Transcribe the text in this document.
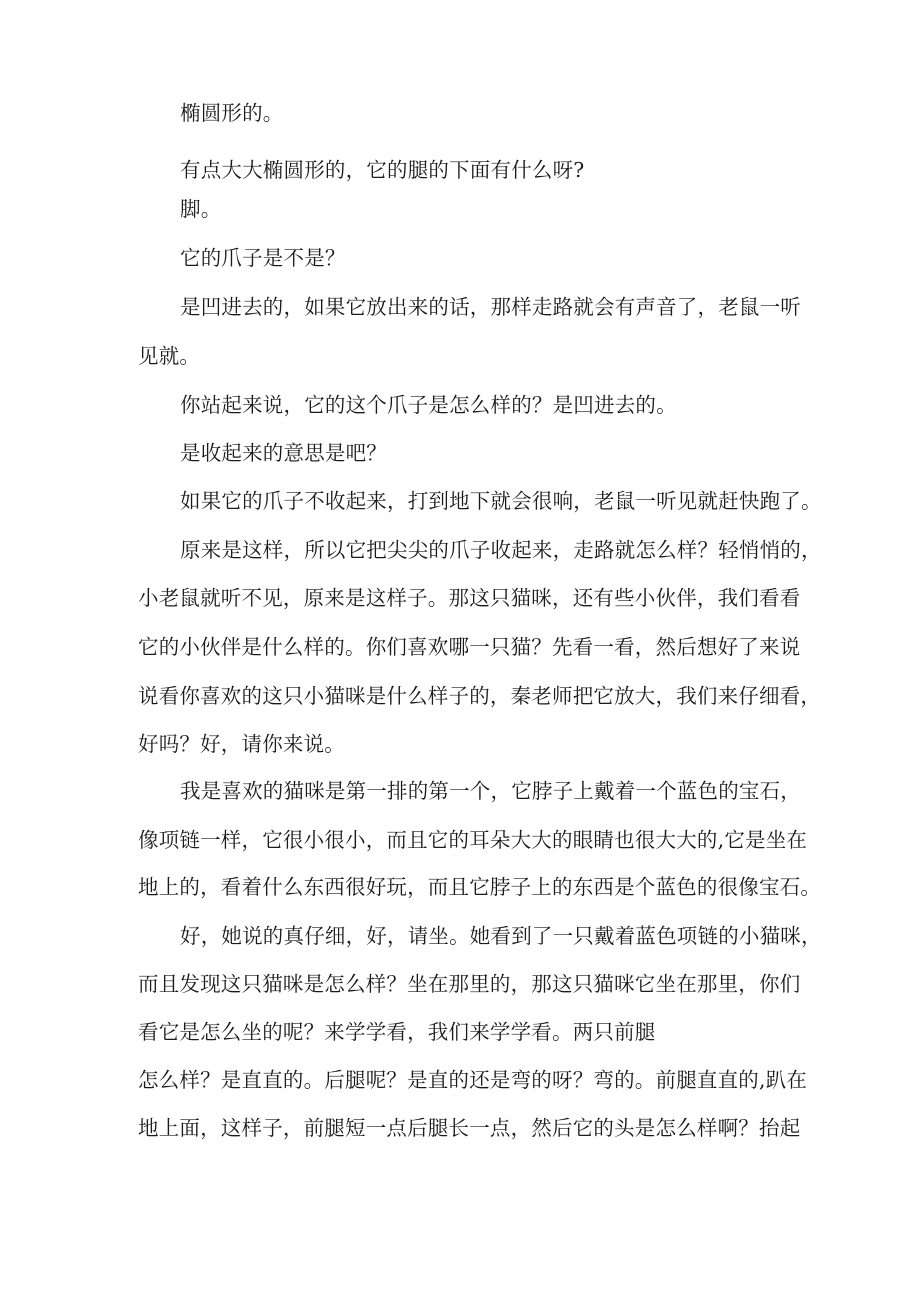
椭圆形的。
有点大大椭圆形的，它的腿的下面有什么呀?
脚。
它的爪子是不是？
是凹进去的，如果它放出来的话，那样走路就会有声音了，老鼠一听
见就。
你站起来说，它的这个爪子是怎么样的？是凹进去的。
是收起来的意思是吧？
如果它的爪子不收起来，打到地下就会很响，老鼠一听见就赶快跑了。
原来是这样，所以它把尖尖的爪子收起来，走路就怎么样？轻悄悄的，
小老鼠就听不见，原来是这样子。那这只猫咪，还有些小伙伴，我们看看
它的小伙伴是什么样的。你们喜欢哪一只猫？先看一看，然后想好了来说
说看你喜欢的这只小猫咪是什么样子的，秦老师把它放大，我们来仔细看，
好吗？好，请你来说。
我是喜欢的猫咪是第一排的第一个，它脖子上戴着一个蓝色的宝石，
像项链一样，它很小很小，而且它的耳朵大大的眼睛也很大大的,它是坐在
地上的，看着什么东西很好玩，而且它脖子上的东西是个蓝色的很像宝石。
好，她说的真仔细，好，请坐。她看到了一只戴着蓝色项链的小猫咪，
而且发现这只猫咪是怎么样？坐在那里的，那这只猫咪它坐在那里，你们
看它是怎么坐的呢？来学学看，我们来学学看。两只前腿
怎么样？是直直的。后腿呢？是直的还是弯的呀？弯的。前腿直直的,趴在
地上面，这样子，前腿短一点后腿长一点，然后它的头是怎么样啊？抬起
